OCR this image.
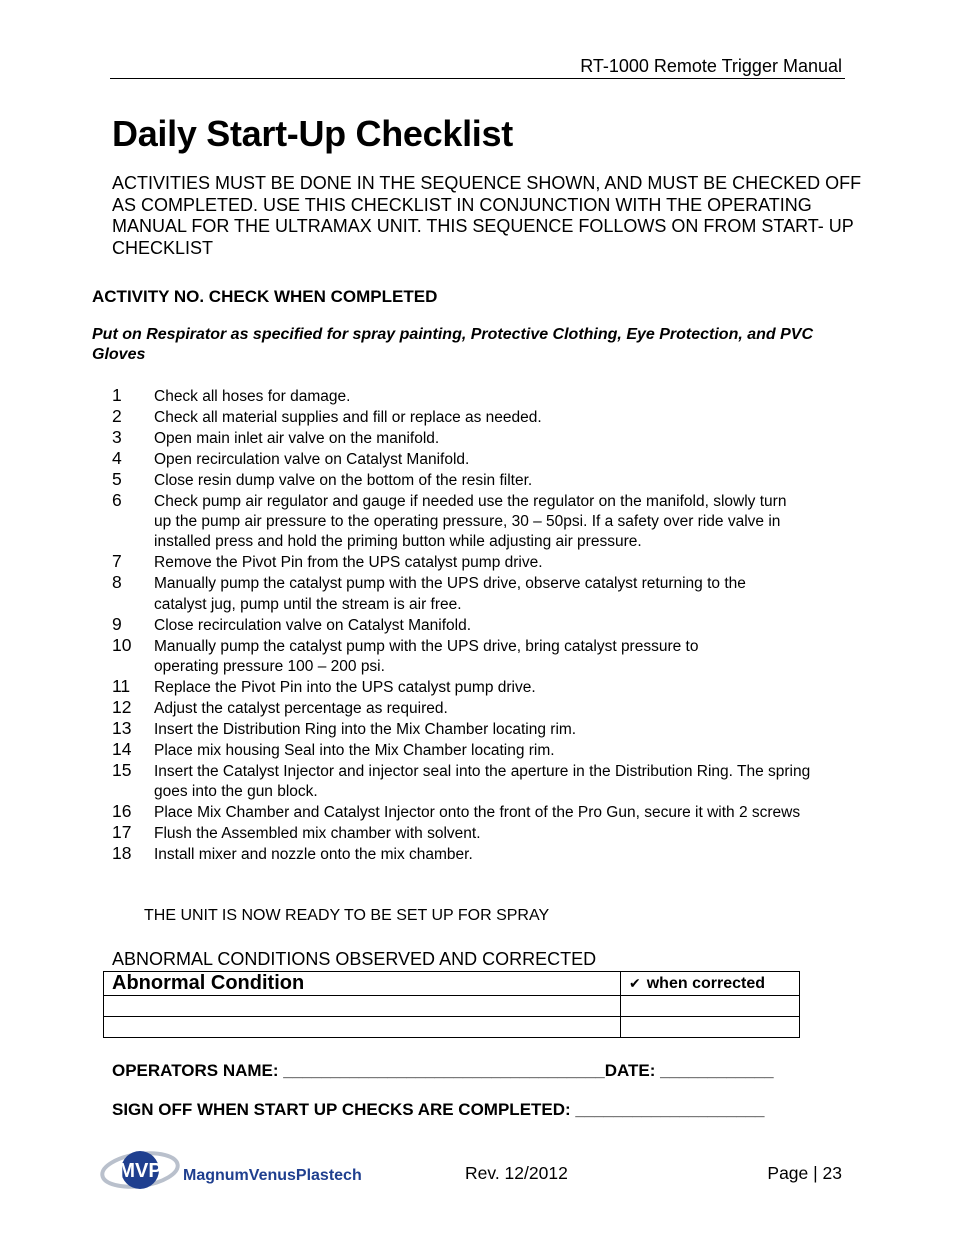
RT-1000 Remote Trigger Manual
Daily Start-Up Checklist
ACTIVITIES MUST BE DONE IN THE SEQUENCE SHOWN, AND MUST BE CHECKED OFF AS COMPLETED. USE THIS CHECKLIST IN CONJUNCTION WITH THE OPERATING MANUAL FOR THE ULTRAMAX UNIT. THIS SEQUENCE FOLLOWS ON FROM START- UP CHECKLIST
ACTIVITY NO. CHECK WHEN COMPLETED
Put on Respirator as specified for spray painting, Protective Clothing, Eye Protection, and PVC Gloves
1 Check all hoses for damage.
2 Check all material supplies and fill or replace as needed.
3 Open main inlet air valve on the manifold.
4 Open recirculation valve on Catalyst Manifold.
5 Close resin dump valve on the bottom of the resin filter.
6 Check pump air regulator and gauge if needed use the regulator on the manifold, slowly turn up the pump air pressure to the operating pressure, 30 – 50psi. If a safety over ride valve in installed press and hold the priming button while adjusting air pressure.
7 Remove the Pivot Pin from the UPS catalyst pump drive.
8 Manually pump the catalyst pump with the UPS drive, observe catalyst returning to the catalyst jug, pump until the stream is air free.
9 Close recirculation valve on Catalyst Manifold.
10 Manually pump the catalyst pump with the UPS drive, bring catalyst pressure to operating pressure 100 – 200 psi.
11 Replace the Pivot Pin into the UPS catalyst pump drive.
12 Adjust the catalyst percentage as required.
13 Insert the Distribution Ring into the Mix Chamber locating rim.
14 Place mix housing Seal into the Mix Chamber locating rim.
15 Insert the Catalyst Injector and injector seal into the aperture in the Distribution Ring. The spring goes into the gun block.
16 Place Mix Chamber and Catalyst Injector onto the front of the Pro Gun, secure it with 2 screws
17 Flush the Assembled mix chamber with solvent.
18 Install mixer and nozzle onto the mix chamber.
THE UNIT IS NOW READY TO BE SET UP FOR SPRAY
ABNORMAL CONDITIONS OBSERVED AND CORRECTED
Abnormal Condition	✔ when corrected

OPERATORS NAME: __________________________________DATE: ____________
SIGN OFF WHEN START UP CHECKS ARE COMPLETED: ____________________
MVP MagnumVenusPlastech	Rev. 12/2012	Page | 23
